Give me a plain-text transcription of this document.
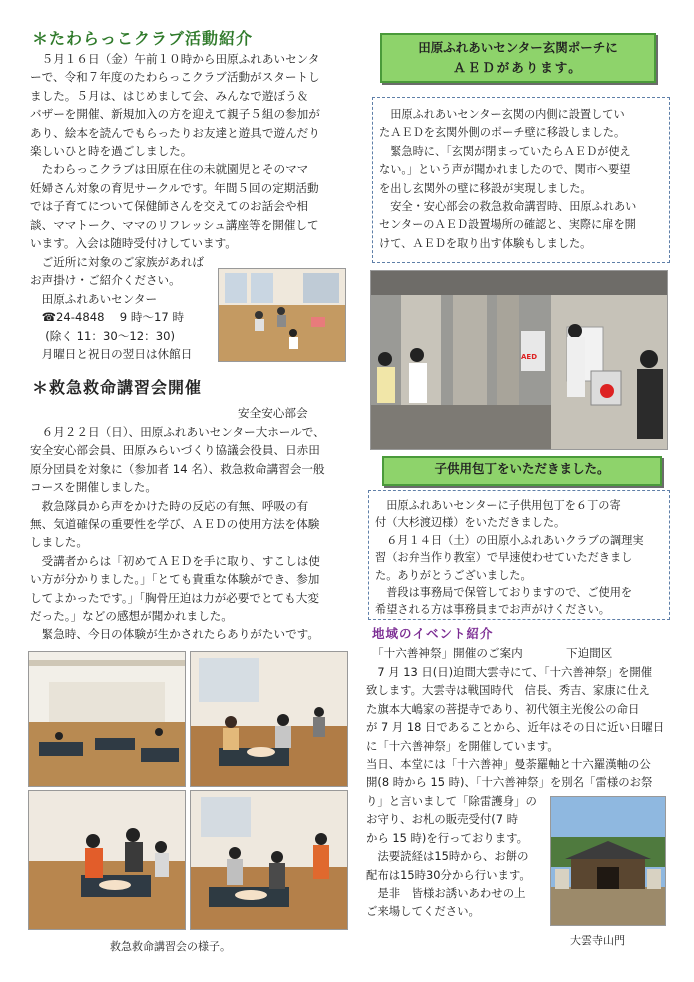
＊たわらっこクラブ活動紹介

　５月１６日（金）午前１０時から田原ふれあいセンタ

ーで、令和７年度のたわらっこクラブ活動がスタートし

ました。５月は、はじめまして会、みんなで遊ぼう＆

バザーを開催、新規加入の方を迎えて親子５組の参加が

あり、絵本を読んでもらったりお友達と遊具で遊んだり

楽しいひと時を過ごしました。

　たわらっこクラブは田原在住の未就園児とそのママ

妊婦さん対象の育児サークルです。年間５回の定期活動

では子育てについて保健師さんを交えてのお話会や相

談、ママトーク、ママのリフレッシュ講座等を開催して

います。入会は随時受付けしています。

　ご近所に対象のご家族があれば

お声掛け・ご紹介ください。

　田原ふれあいセンター

　☎24-4848　 9 時～17 時

　 (除く 11：30～12：30)

　月曜日と祝日の翌日は休館日

＊救急救命講習会開催
安全安心部会

　６月２２日（日）、田原ふれあいセンター大ホールで、

安全安心部会員、田原みらいづくり協議会役員、日赤田

原分団員を対象に（参加者 14 名）、救急救命講習会一般

コースを開催しました。

　救急隊員から声をかけた時の反応の有無、呼吸の有

無、気道確保の重要性を学び、ＡＥＤの使用方法を体験

しました。

　受講者からは「初めてＡＥＤを手に取り、すこしは使

い方が分かりました。」「とても貴重な体験ができ、参加

してよかったです。」「胸骨圧迫は力が必要でとても大変

だった。」などの感想が聞かれました。

　緊急時、今日の体験が生かされたらありがたいです。

救急救命講習会の様子。
田原ふれあいセンター玄関ポーチに
ＡＥＤがあります。

　田原ふれあいセンター玄関の内側に設置してい

たＡＥＤを玄関外側のポーチ壁に移設しました。

　緊急時に、「玄関が閉まっていたらＡＥＤが使え

ない。」という声が聞かれましたので、関市へ要望

を出し玄関外の壁に移設が実現しました。

　安全・安心部会の救急救命講習時、田原ふれあい

センターのＡＥＤ設置場所の確認と、実際に扉を開

けて、ＡＥＤを取り出す体験もしました。

AED
子供用包丁をいただきました。

　田原ふれあいセンターに子供用包丁を６丁の寄

付（大杉渡辺様）をいただきました。

　６月１４日（土）の田原小ふれあいクラブの調理実

習（お弁当作り教室）で早速使わせていただきまし

た。ありがとうございました。

　普段は事務局で保管しておりますので、ご使用を

希望される方は事務員までお声がけください。

地域のイベント紹介
「十六善神祭」開催のご案内	下迫間区

　7 月 13 日(日)迫間大雲寺にて、「十六善神祭」を開催

致します。大雲寺は戦国時代　信長、秀吉、家康に仕え

た旗本大嶋家の菩提寺であり、初代領主光俊公の命日

が 7 月 18 日であることから、近年はその日に近い日曜日

に「十六善神祭」を開催しています。

当日、本堂には「十六善神」曼荼羅軸と十六羅漢軸の公

開(8 時から 15 時)、「十六善神祭」を別名「雷様のお祭

り」と言いまして「除雷護身」の

お守り、お札の販売受付(7 時

から 15 時)を行っております。

　法要読経は15時から、お餅の

配布は15時30分から行います。

　是非　皆様お誘いあわせの上

ご来場してください。

大雲寺山門
